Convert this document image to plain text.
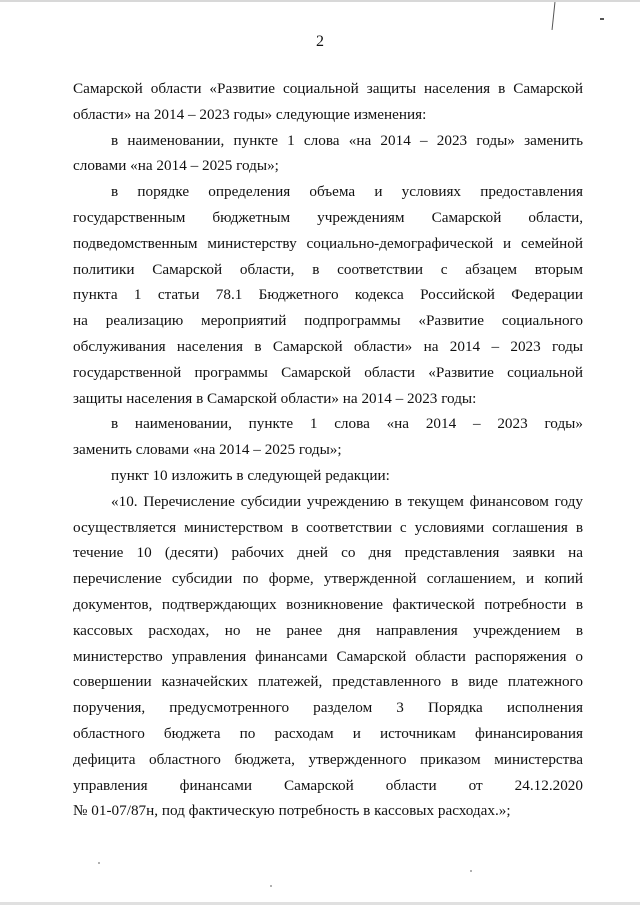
2
Самарской области «Развитие социальной защиты населения в Самарской
области» на 2014 – 2023 годы» следующие изменения:
в наименовании, пункте 1 слова «на 2014 – 2023 годы» заменить
словами «на 2014 – 2025 годы»;
в порядке определения объема и условиях предоставления
государственным бюджетным учреждениям Самарской области,
подведомственным министерству социально-демографической и семейной
политики Самарской области, в соответствии с абзацем вторым
пункта 1 статьи 78.1 Бюджетного кодекса Российской Федерации
на реализацию мероприятий подпрограммы «Развитие социального
обслуживания населения в Самарской области» на 2014 – 2023 годы
государственной программы Самарской области «Развитие социальной
защиты населения в Самарской области» на 2014 – 2023 годы:
в наименовании, пункте 1 слова «на 2014 – 2023 годы»
заменить словами «на 2014 – 2025 годы»;
пункт 10 изложить в следующей редакции:
«10. Перечисление субсидии учреждению в текущем финансовом году
осуществляется министерством в соответствии с условиями соглашения в
течение 10 (десяти) рабочих дней со дня представления заявки на
перечисление субсидии по форме, утвержденной соглашением, и копий
документов, подтверждающих возникновение фактической потребности в
кассовых расходах, но не ранее дня направления учреждением в
министерство управления финансами Самарской области распоряжения о
совершении казначейских платежей, представленного в виде платежного
поручения, предусмотренного разделом 3 Порядка исполнения
областного бюджета по расходам и источникам финансирования
дефицита областного бюджета, утвержденного приказом министерства
управления финансами Самарской области от 24.12.2020
№ 01-07/87н, под фактическую потребность в кассовых расходах.»;
